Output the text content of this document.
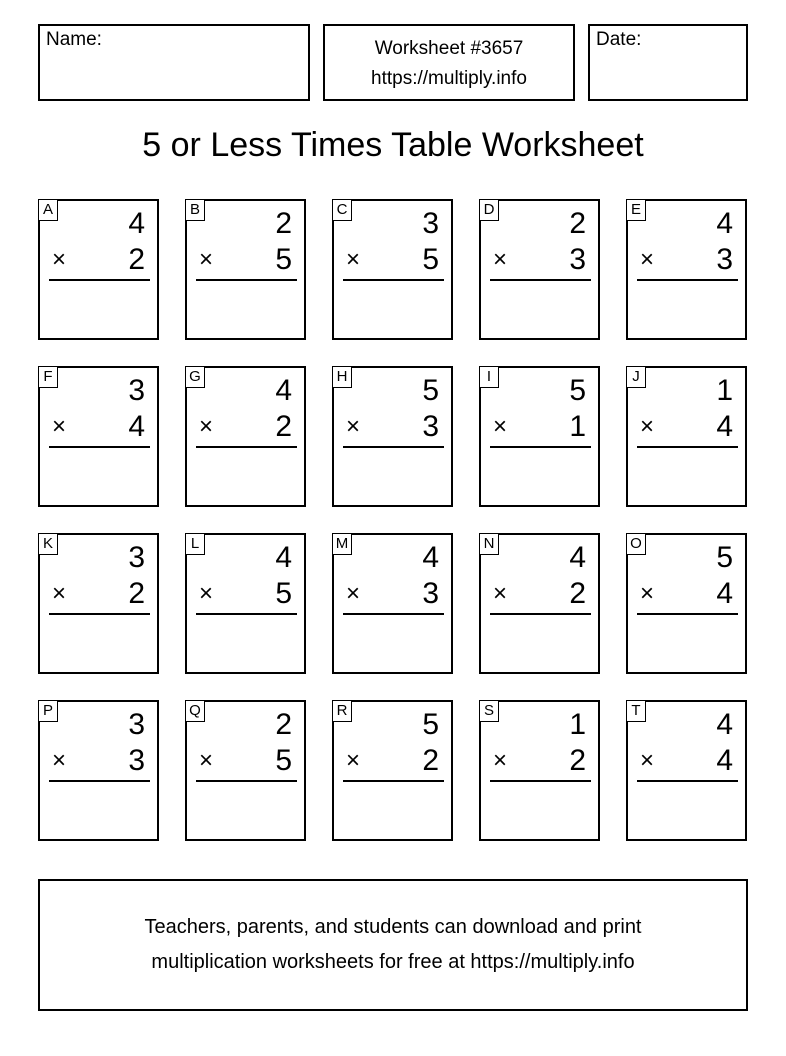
Name:	Worksheet #3657
https://multiply.info
Date:
5 or Less Times Table Worksheet
A	4
× 2
B	2
× 5
C 3
× 5
D 2
× 3
E	4
× 3
F	3
× 4
G 4
× 2
H 5
× 3
I	5
× 1
J	1
× 4
K	3
× 2
L	4
× 5
M 4
× 3
N 4
× 2
O 5
× 4
P	3
× 3
Q 2
× 5
R 5
× 2
S	1
× 2
T	4
× 4
Teachers, parents, and students can download and print
multiplication worksheets for free at https://multiply.info
